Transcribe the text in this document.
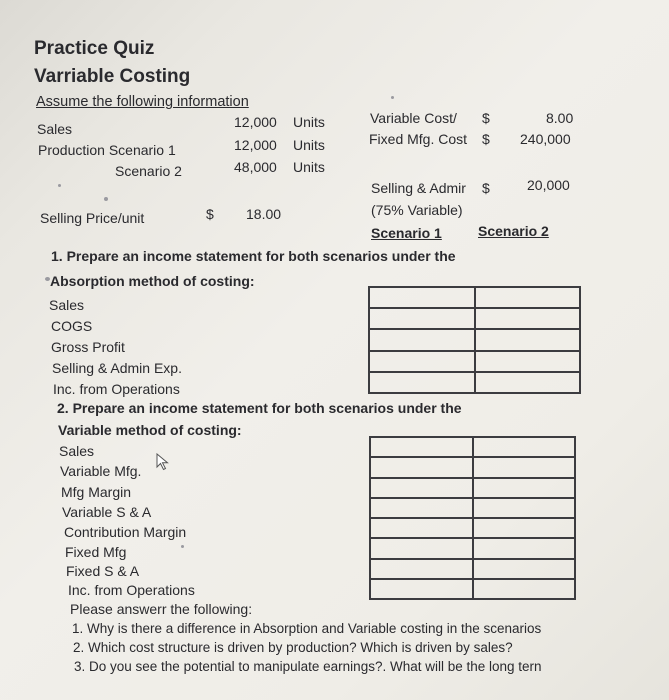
Practice Quiz
Varriable Costing
Assume the following information
Sales	12,000 Units
Production Scenario 1	12,000 Units
Scenario 2	48,000 Units
Selling Price/unit	$ 18.00
Variable Cost/ $	8.00
Fixed Mfg. Cost $ 240,000
Selling & Admir $	20,000
(75% Variable)
Scenario 1	Scenario 2
1. Prepare an income statement for both scenarios under the
Absorption method of costing:
Sales
COGS
Gross Profit
Selling & Admin Exp.
Inc. from Operations

2. Prepare an income statement for both scenarios under the
Variable method of costing:
Sales
Variable Mfg.
Mfg Margin
Variable S & A
Contribution Margin
Fixed Mfg
Fixed S & A
Inc. from Operations

Please answerr the following:
1. Why is there a difference in Absorption and Variable costing in the scenarios
2. Which cost structure is driven by production? Which is driven by sales?
3. Do you see the potential to manipulate earnings?. What will be the long tern
